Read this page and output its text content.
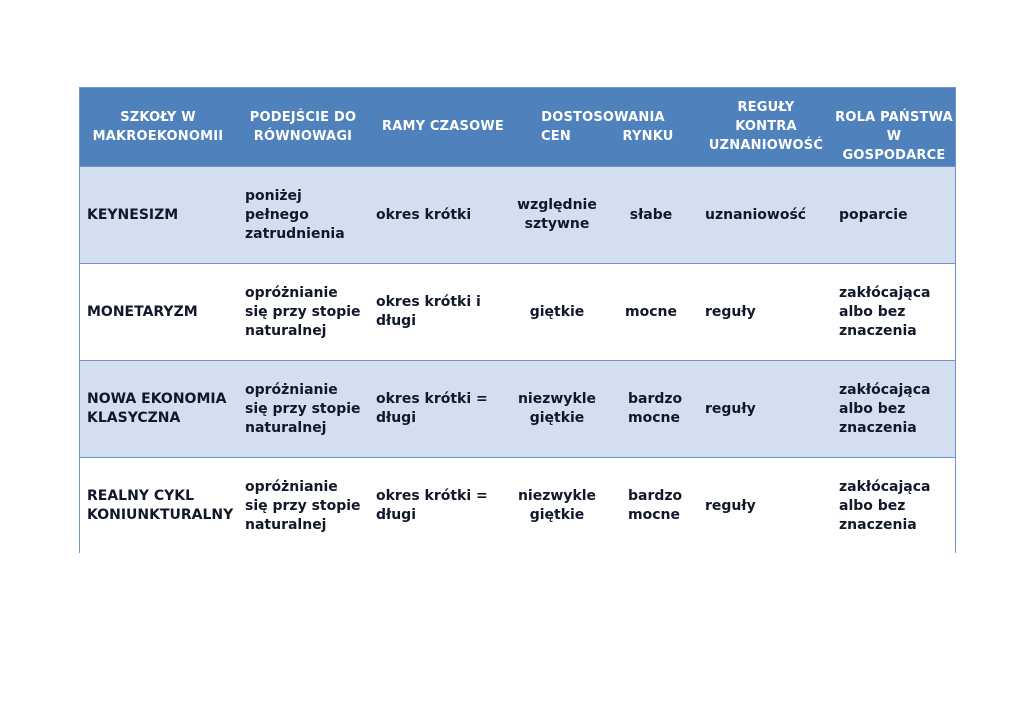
SZKOŁY W MAKROEKONOMII
PODEJŚCIE DO RÓWNOWAGI
RAMY CZASOWE
DOSTOSOWANIA
CEN	RYNKU
REGUŁY KONTRA UZNANIOWOŚĆ
ROLA PAŃSTWA W GOSPODARCE
KEYNESIZM
poniżej pełnego zatrudnienia
okres krótki
względnie sztywne
słabe uznaniowość poparcie
MONETARYZM
opróżnianie się przy stopie naturalnej
okres krótki i długi
giętkie	mocne reguły
zakłócająca albo bez znaczenia
NOWA EKONOMIA KLASYCZNA
opróżnianie się przy stopie naturalnej
okres krótki = długi
niezwykle giętkie
bardzo mocne
reguły
zakłócająca albo bez znaczenia
REALNY CYKL KONIUNKTURALNY
opróżnianie się przy stopie naturalnej
okres krótki = długi
niezwykle giętkie
bardzo mocne
reguły
zakłócająca albo bez znaczenia
